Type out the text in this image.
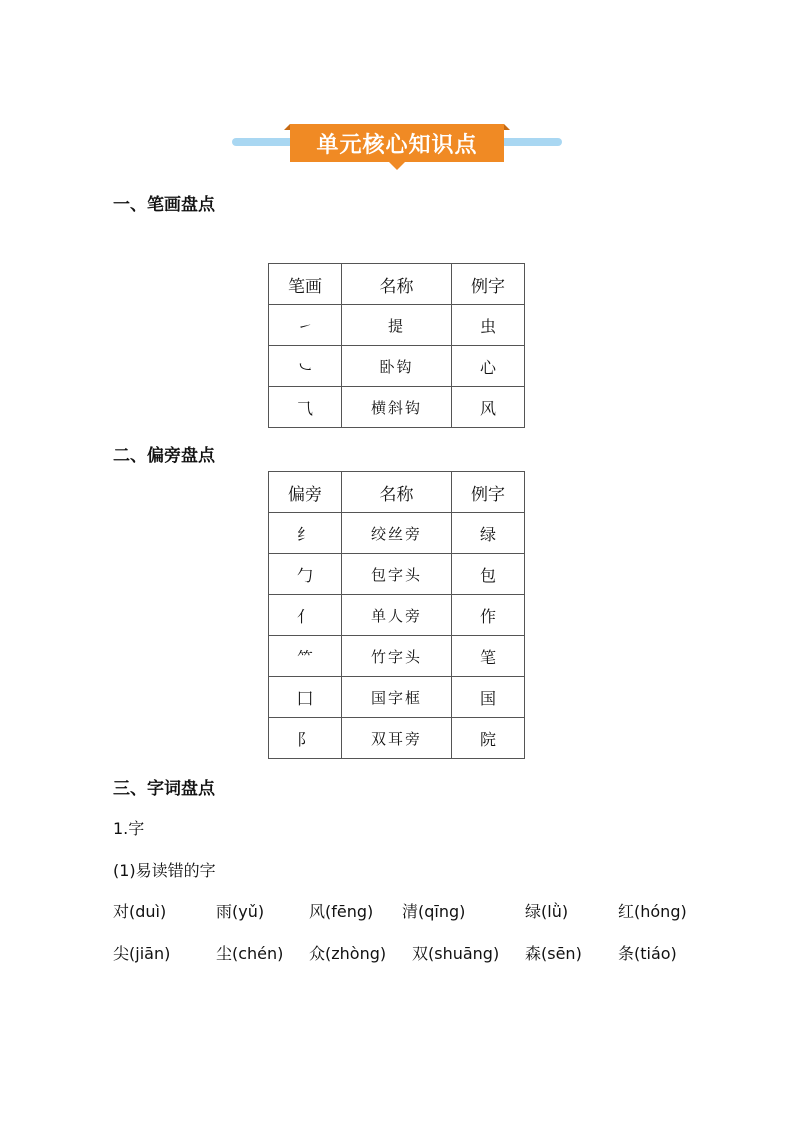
单元核心知识点
一、笔画盘点
笔画	名称	例字
㇀	提	虫
㇃	卧钩	心
⺄	横斜钩	风
二、偏旁盘点
偏旁	名称	例字
纟	绞丝旁	绿
勹	包字头	包
亻	单人旁	作
⺮	竹字头	笔
囗	国字框	国
阝	双耳旁	院
三、字词盘点
1.字
(1)易读错的字
对(duì)	雨(yǔ)	风(fēng) 清(qīng)	绿(lǜ)	红(hóng)
尖(jiān)	尘(chén) 众(zhòng) 双(shuāng) 森(sēn) 条(tiáo)
